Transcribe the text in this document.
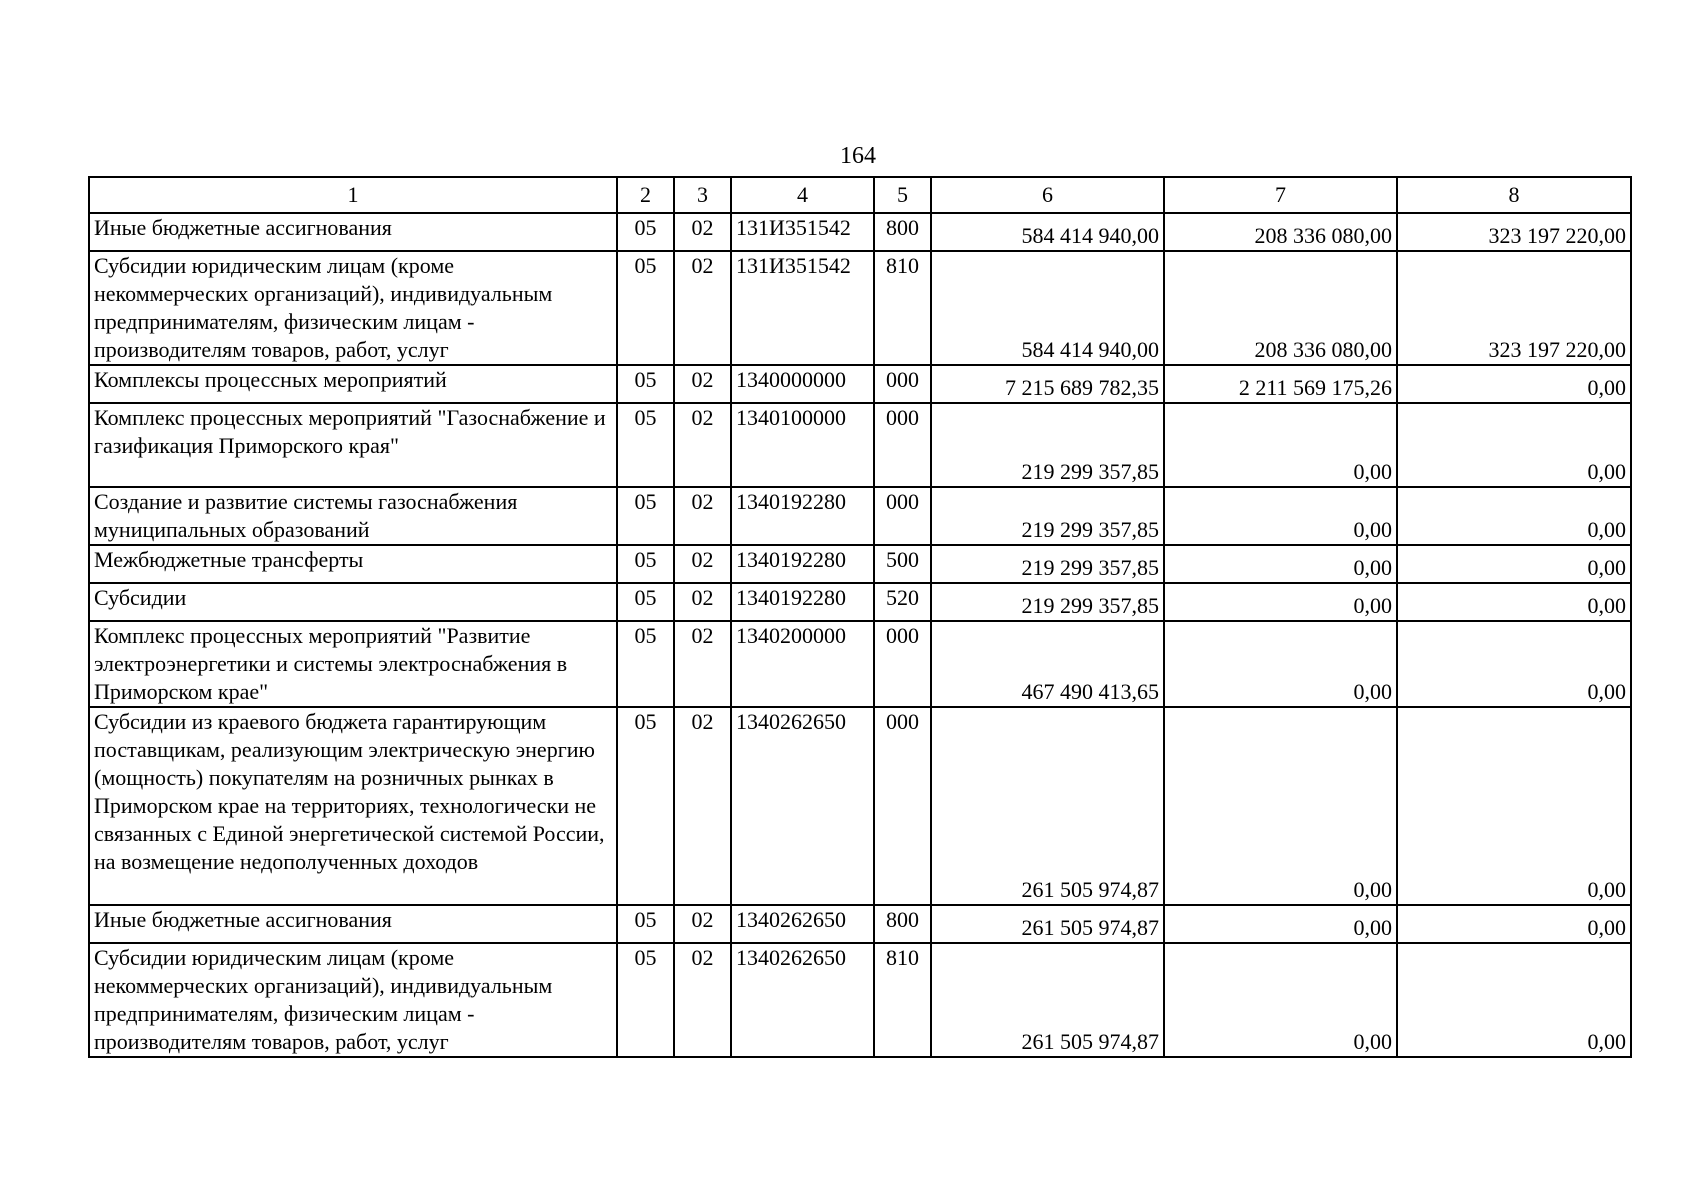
164
1	2	3	4	5	6	7	8
Иные бюджетные ассигнования	05	02	131И351542	800	584 414 940,00	208 336 080,00	323 197 220,00
Субсидии юридическим лицам (кроме некоммерческих организаций), индивидуальным предпринимателям, физическим лицам - производителям товаров, работ, услуг	05	02	131И351542	810	584 414 940,00	208 336 080,00	323 197 220,00
Комплексы процессных мероприятий	05	02	1340000000	000	7 215 689 782,35	2 211 569 175,26	0,00
Комплекс процессных мероприятий "Газоснабжение и газификация Приморского края"	05	02	1340100000	000	219 299 357,85	0,00	0,00
Создание и развитие системы газоснабжения муниципальных образований	05	02	1340192280	000	219 299 357,85	0,00	0,00
Межбюджетные трансферты	05	02	1340192280	500	219 299 357,85	0,00	0,00
Субсидии	05	02	1340192280	520	219 299 357,85	0,00	0,00
Комплекс процессных мероприятий "Развитие электроэнергетики и системы электроснабжения в Приморском крае"	05	02	1340200000	000	467 490 413,65	0,00	0,00
Субсидии из краевого бюджета гарантирующим поставщикам, реализующим электрическую энергию (мощность) покупателям на розничных рынках в Приморском крае на территориях, технологически не связанных с Единой энергетической системой России, на возмещение недополученных доходов	05	02	1340262650	000	261 505 974,87	0,00	0,00
Иные бюджетные ассигнования	05	02	1340262650	800	261 505 974,87	0,00	0,00
Субсидии юридическим лицам (кроме некоммерческих организаций), индивидуальным предпринимателям, физическим лицам - производителям товаров, работ, услуг	05	02	1340262650	810	261 505 974,87	0,00	0,00
